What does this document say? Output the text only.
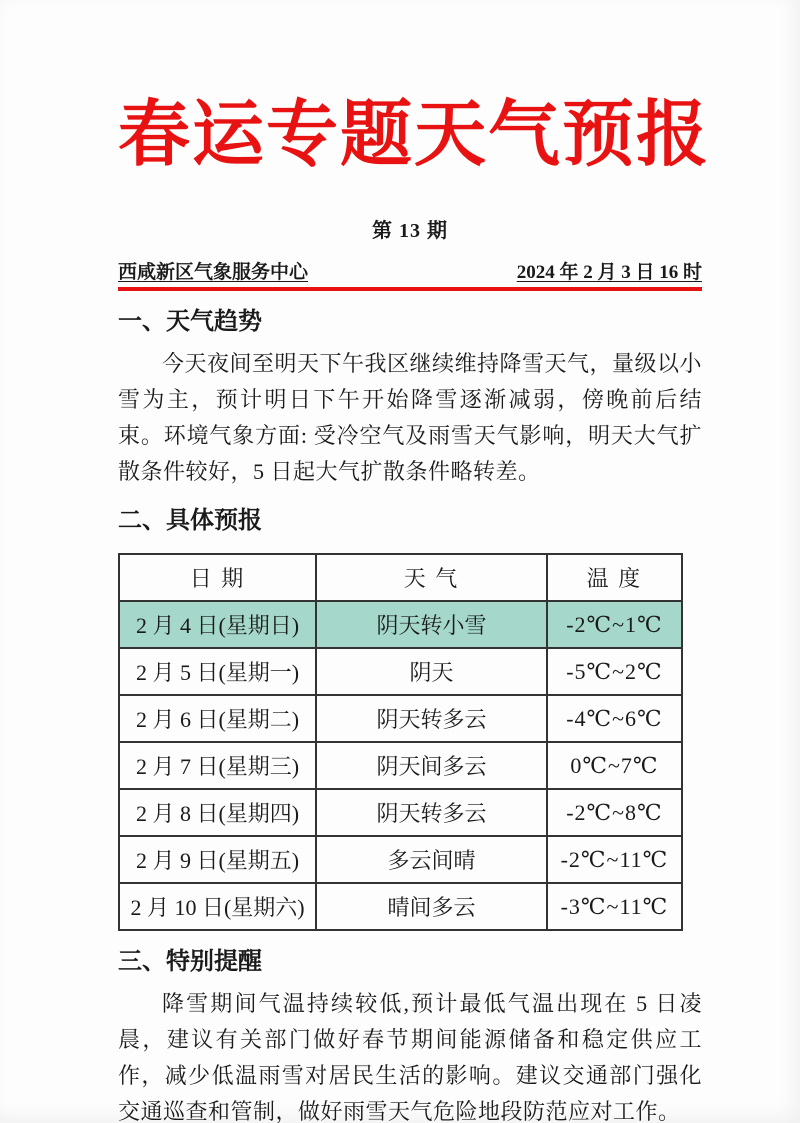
春运专题天气预报
第 13 期
西咸新区气象服务中心	2024 年 2 月 3 日 16 时
一、天气趋势

今天夜间至明天下午我区继续维持降雪天气，量级以小雪为主，预计明日下午开始降雪逐渐减弱，傍晚前后结束。环境气象方面: 受冷空气及雨雪天气影响，明天大气扩散条件较好，5 日起大气扩散条件略转差。

二、具体预报
日 期	天 气	温 度
2 月 4 日(星期日)	阴天转小雪	-2℃~1℃
2 月 5 日(星期一)	阴天	-5℃~2℃
2 月 6 日(星期二)	阴天转多云	-4℃~6℃
2 月 7 日(星期三)	阴天间多云	0℃~7℃
2 月 8 日(星期四)	阴天转多云	-2℃~8℃
2 月 9 日(星期五)	多云间晴	-2℃~11℃
2 月 10 日(星期六)	晴间多云	-3℃~11℃
三、特别提醒

降雪期间气温持续较低,预计最低气温出现在 5 日凌晨，建议有关部门做好春节期间能源储备和稳定供应工作，减少低温雨雪对居民生活的影响。建议交通部门强化交通巡查和管制，做好雨雪天气危险地段防范应对工作。
